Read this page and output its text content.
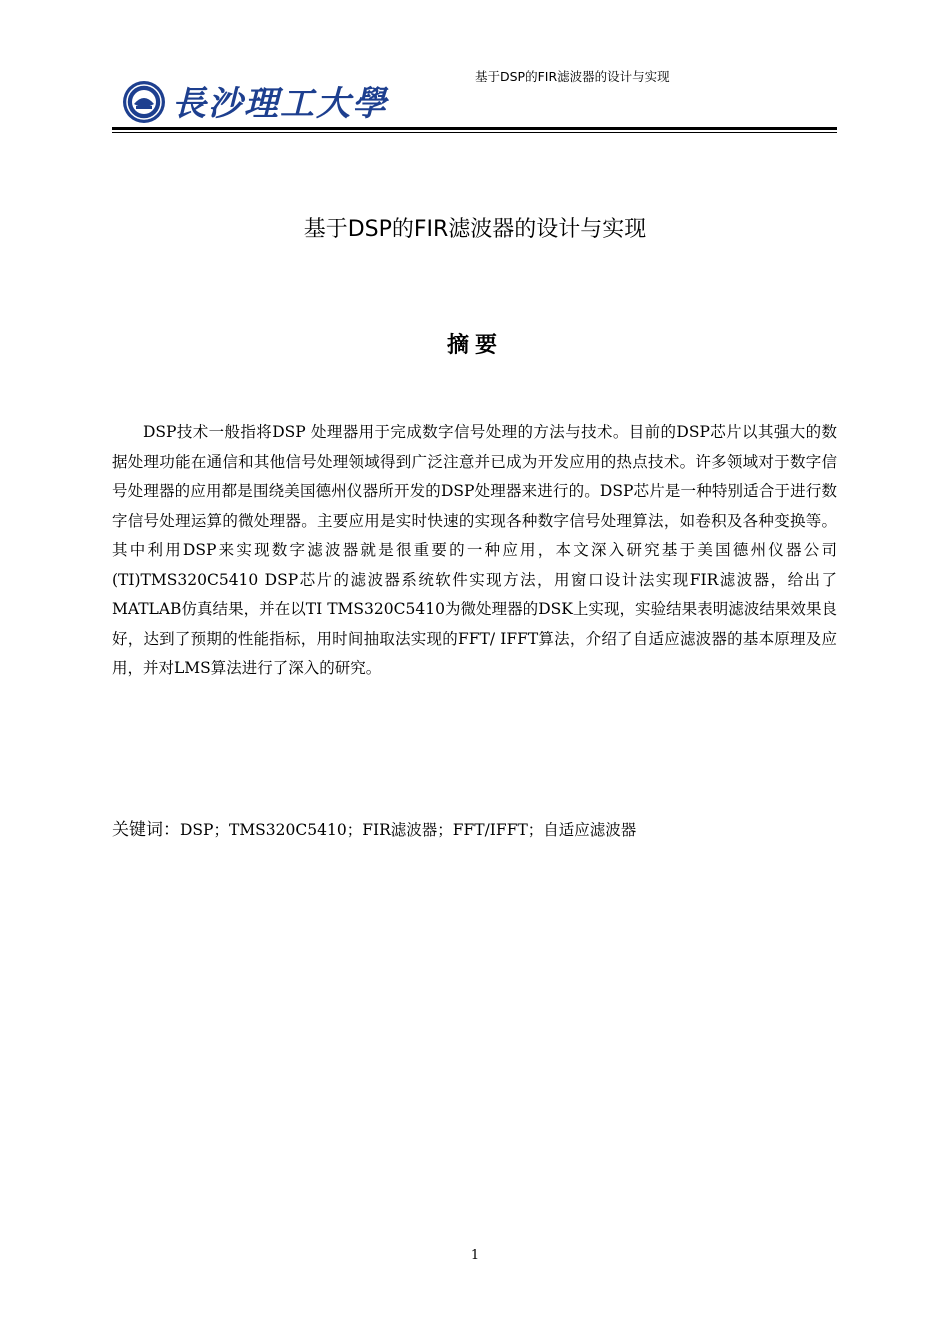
長沙理工大學
基于DSP的FIR滤波器的设计与实现
基于DSP的FIR滤波器的设计与实现
摘要

DSP技术一般指将DSP 处理器用于完成数字信号处理的方法与技术。目前的DSP芯片以其强大的数据处理功能在通信和其他信号处理领域得到广泛注意并已成为开发应用的热点技术。许多领域对于数字信号处理器的应用都是围绕美国德州仪器所开发的DSP处理器来进行的。DSP芯片是一种特别适合于进行数字信号处理运算的微处理器。主要应用是实时快速的实现各种数字信号处理算法，如卷积及各种变换等。其中利用DSP来实现数字滤波器就是很重要的一种应用，本文深入研究基于美国德州仪器公司(TI)TMS320C5410 DSP芯片的滤波器系统软件实现方法，用窗口设计法实现FIR滤波器，给出了MATLAB仿真结果，并在以TI TMS320C5410为微处理器的DSK上实现，实验结果表明滤波结果效果良好，达到了预期的性能指标，用时间抽取法实现的FFT/ IFFT算法，介绍了自适应滤波器的基本原理及应用，并对LMS算法进行了深入的研究。

关键词：DSP；TMS320C5410；FIR滤波器；FFT/IFFT；自适应滤波器
1
